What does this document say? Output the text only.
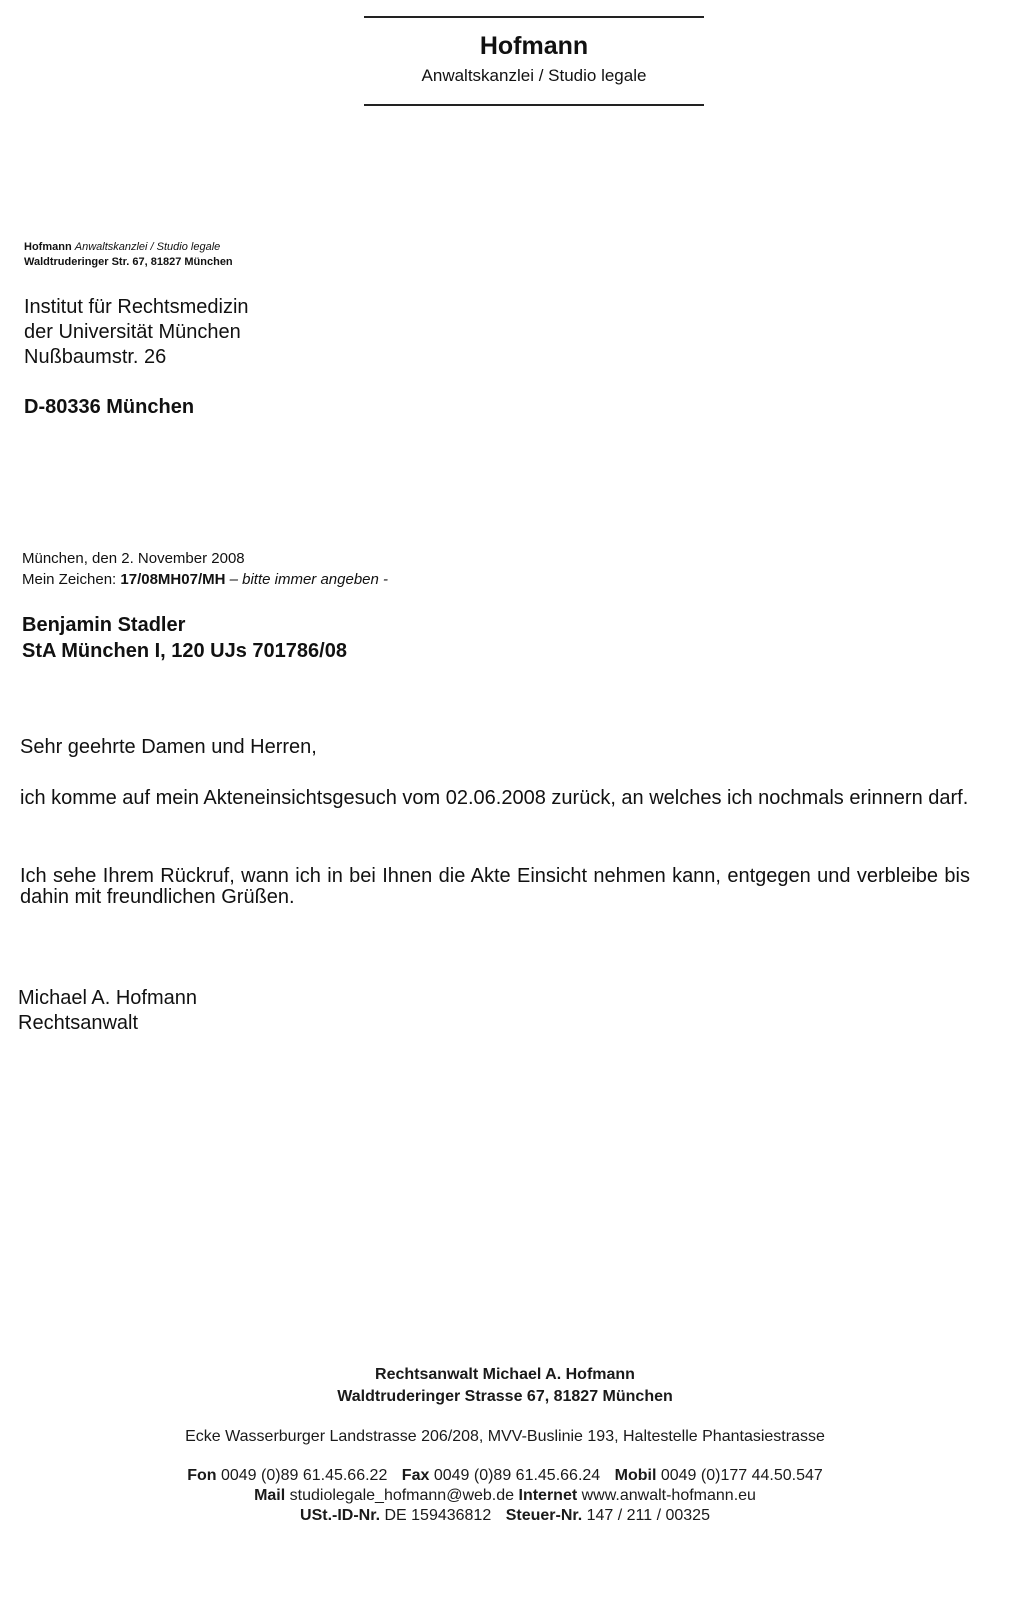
Hofmann
Anwaltskanzlei / Studio legale
Hofmann Anwaltskanzlei / Studio legale
Waldtruderinger Str. 67, 81827 München
Institut für Rechtsmedizin
der Universität München
Nußbaumstr. 26
D-80336 München
München, den 2. November 2008
Mein Zeichen: 17/08MH07/MH – bitte immer angeben -
Benjamin Stadler
StA München I, 120 UJs 701786/08
Sehr geehrte Damen und Herren,
ich komme auf mein Akteneinsichtsgesuch vom 02.06.2008 zurück, an welches ich nochmals erinnern darf.
Ich sehe Ihrem Rückruf, wann ich in bei Ihnen die Akte Einsicht nehmen kann, entgegen und verbleibe bis dahin mit freundlichen Grüßen.
Michael A. Hofmann
Rechtsanwalt
Rechtsanwalt Michael A. Hofmann
Waldtruderinger Strasse 67, 81827 München
Ecke Wasserburger Landstrasse 206/208, MVV-Buslinie 193, Haltestelle Phantasiestrasse
Fon 0049 (0)89 61.45.66.22 Fax 0049 (0)89 61.45.66.24 Mobil 0049 (0)177 44.50.547
Mail studiolegale_hofmann@web.de Internet www.anwalt-hofmann.eu
USt.-ID-Nr. DE 159436812 Steuer-Nr. 147 / 211 / 00325
